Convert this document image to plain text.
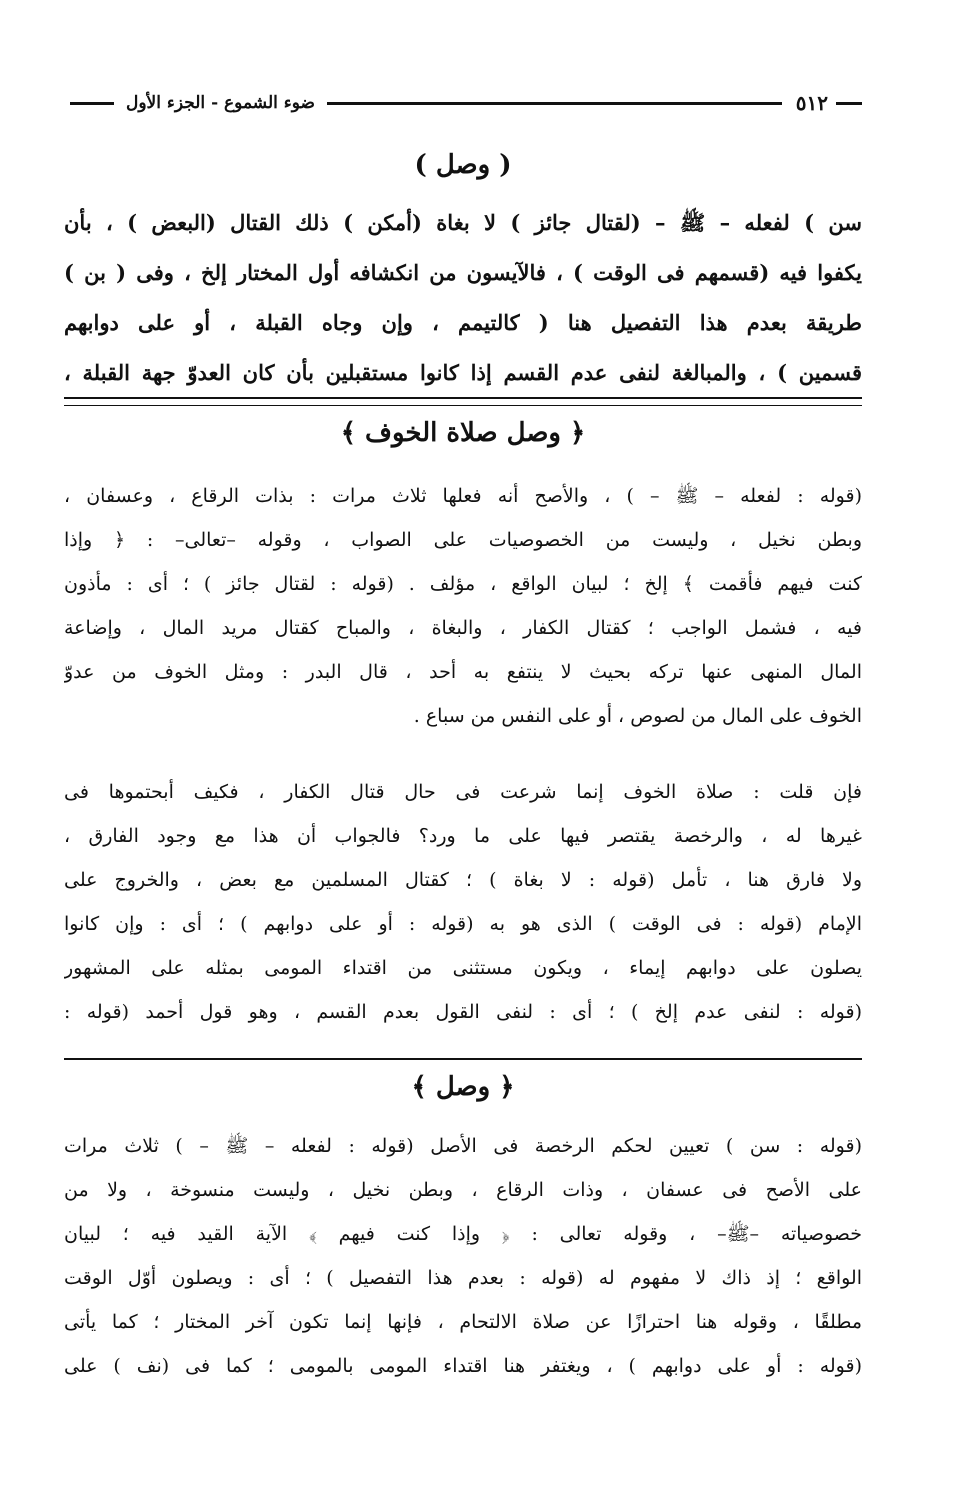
٥١٢
ضوء الشموع - الجزء الأول
( وصل )
سن ) لفعله – ﷺ – (لقتال جائز ) لا بغاة (أمكن ) ذلك القتال (البعض ) ، بأن
يكفوا فيه (قسمهم فى الوقت ) ، فالآيسون من انكشافه أول المختار إلخ ، وفى ( بن )
طريقة بعدم هذا التفصيل هنا ( كالتيمم ، وإن وجاه القبلة ، أو على دوابهم
قسمين ) ، والمبالغة لنفى عدم القسم إذا كانوا مستقبلين بأن كان العدوّ جهة القبلة ،
﴿ وصل صلاة الخوف ﴾
(قوله : لفعله – ﷺ – ) ، والأصح أنه فعلها ثلاث مرات : بذات الرقاع ، وعسفان ،
وبطن نخيل ، وليست من الخصوصيات على الصواب ، وقوله –تعالى– : ﴿ وإذا
كنت فيهم فأقمت ﴾ إلخ ؛ لبيان الواقع ، مؤلف . (قوله : لقتال جائز ) ؛ أى : مأذون
فيه ، فشمل الواجب ؛ كقتال الكفار ، والبغاة ، والمباح كقتال مريد المال ، وإضاعة
المال المنهى عنها تركه بحيث لا ينتفع به أحد ، قال البدر : ومثل الخوف من عدوّ
الخوف على المال من لصوص ، أو على النفس من سباع .
فإن قلت : صلاة الخوف إنما شرعت فى حال قتال الكفار ، فكيف أبحتموها فى
غيرها له ، والرخصة يقتصر فيها على ما ورد؟ فالجواب أن هذا مع وجود الفارق ،
ولا فارق هنا ، تأمل (قوله : لا بغاة ) ؛ كقتال المسلمين مع بعض ، والخروج على
الإمام (قوله : فى الوقت ) الذى هو به (قوله : أو على دوابهم ) ؛ أى : وإن كانوا
يصلون على دوابهم إيماء ، ويكون مستثنى من اقتداء المومى بمثله على المشهور
(قوله : لنفى عدم إلخ ) ؛ أى : لنفى القول بعدم القسم ، وهو قول أحمد (قوله :
﴿ وصل ﴾
(قوله : سن ) تعيين لحكم الرخصة فى الأصل (قوله : لفعله – ﷺ – ) ثلاث مرات
على الأصح فى عسفان ، وذات الرقاع ، وبطن نخيل ، وليست منسوخة ، ولا من
خصوصياته –ﷺ– ، وقوله تعالى : ﴿ وإذا كنت فيهم ﴾ الآية القيد فيه ؛ لبيان
الواقع ؛ إذ ذاك لا مفهوم له (قوله : بعدم هذا التفصيل ) ؛ أى : ويصلون أوّل الوقت
مطلقًا ، وقوله هنا احترازًا عن صلاة الالتحام ، فإنها إنما تكون آخر المختار ؛ كما يأتى
(قوله : أو على دوابهم ) ، ويغتفر هنا اقتداء المومى بالمومى ؛ كما فى (نف ) على
